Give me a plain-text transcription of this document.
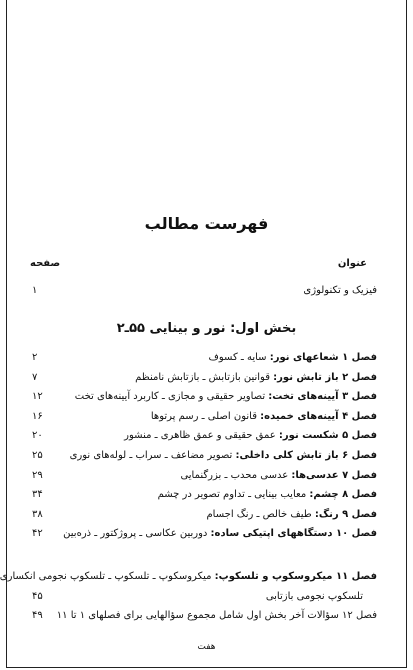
فهرست مطالب
عنوان
صفحه
فیزیک و تکنولوژی
۱
بخش اول: نور و بینایی ۵۵ـ۲
فصل ۱ شعاعهای نور: سایه ـ کسوف
۲
فصل ۲ باز تابش نور: قوانین بازتابش ـ بازتابش نامنظم
۷
فصل ۳ آیینه‌های تخت: تصاویر حقیقی و مجازی ـ کاربرد آیینه‌های تخت
۱۲
فصل ۴ آیینه‌های خمیده: قانون اصلی ـ رسم پرتوها
۱۶
فصل ۵ شکست نور: عمق حقیقی و عمق ظاهری ـ منشور
۲۰
فصل ۶ باز تابش کلی داخلی: تصویر مضاعف ـ سراب ـ لوله‌های نوری
۲۵
فصل ۷ عدسی‌ها: عدسی محدب ـ بزرگنمایی
۲۹
فصل ۸ چشم: معایب بینایی ـ تداوم تصویر در چشم
۳۴
فصل ۹ رنگ: طیف خالص ـ رنگ اجسام
۳۸
فصل ۱۰ دستگاههای اپتیکی ساده: دوربین عکاسی ـ پروژکتور ـ ذره‌بین
۴۲
فصل ۱۱ میکروسکوپ و تلسکوپ: میکروسکوپ ـ تلسکوپ ـ تلسکوپ نجومی انکساری
تلسکوپ نجومی بازتابی
۴۵
فصل ۱۲ سؤالات آخر بخش اول شامل مجموع سؤالهایی برای فصلهای ۱ تا ۱۱
۴۹
هفت
